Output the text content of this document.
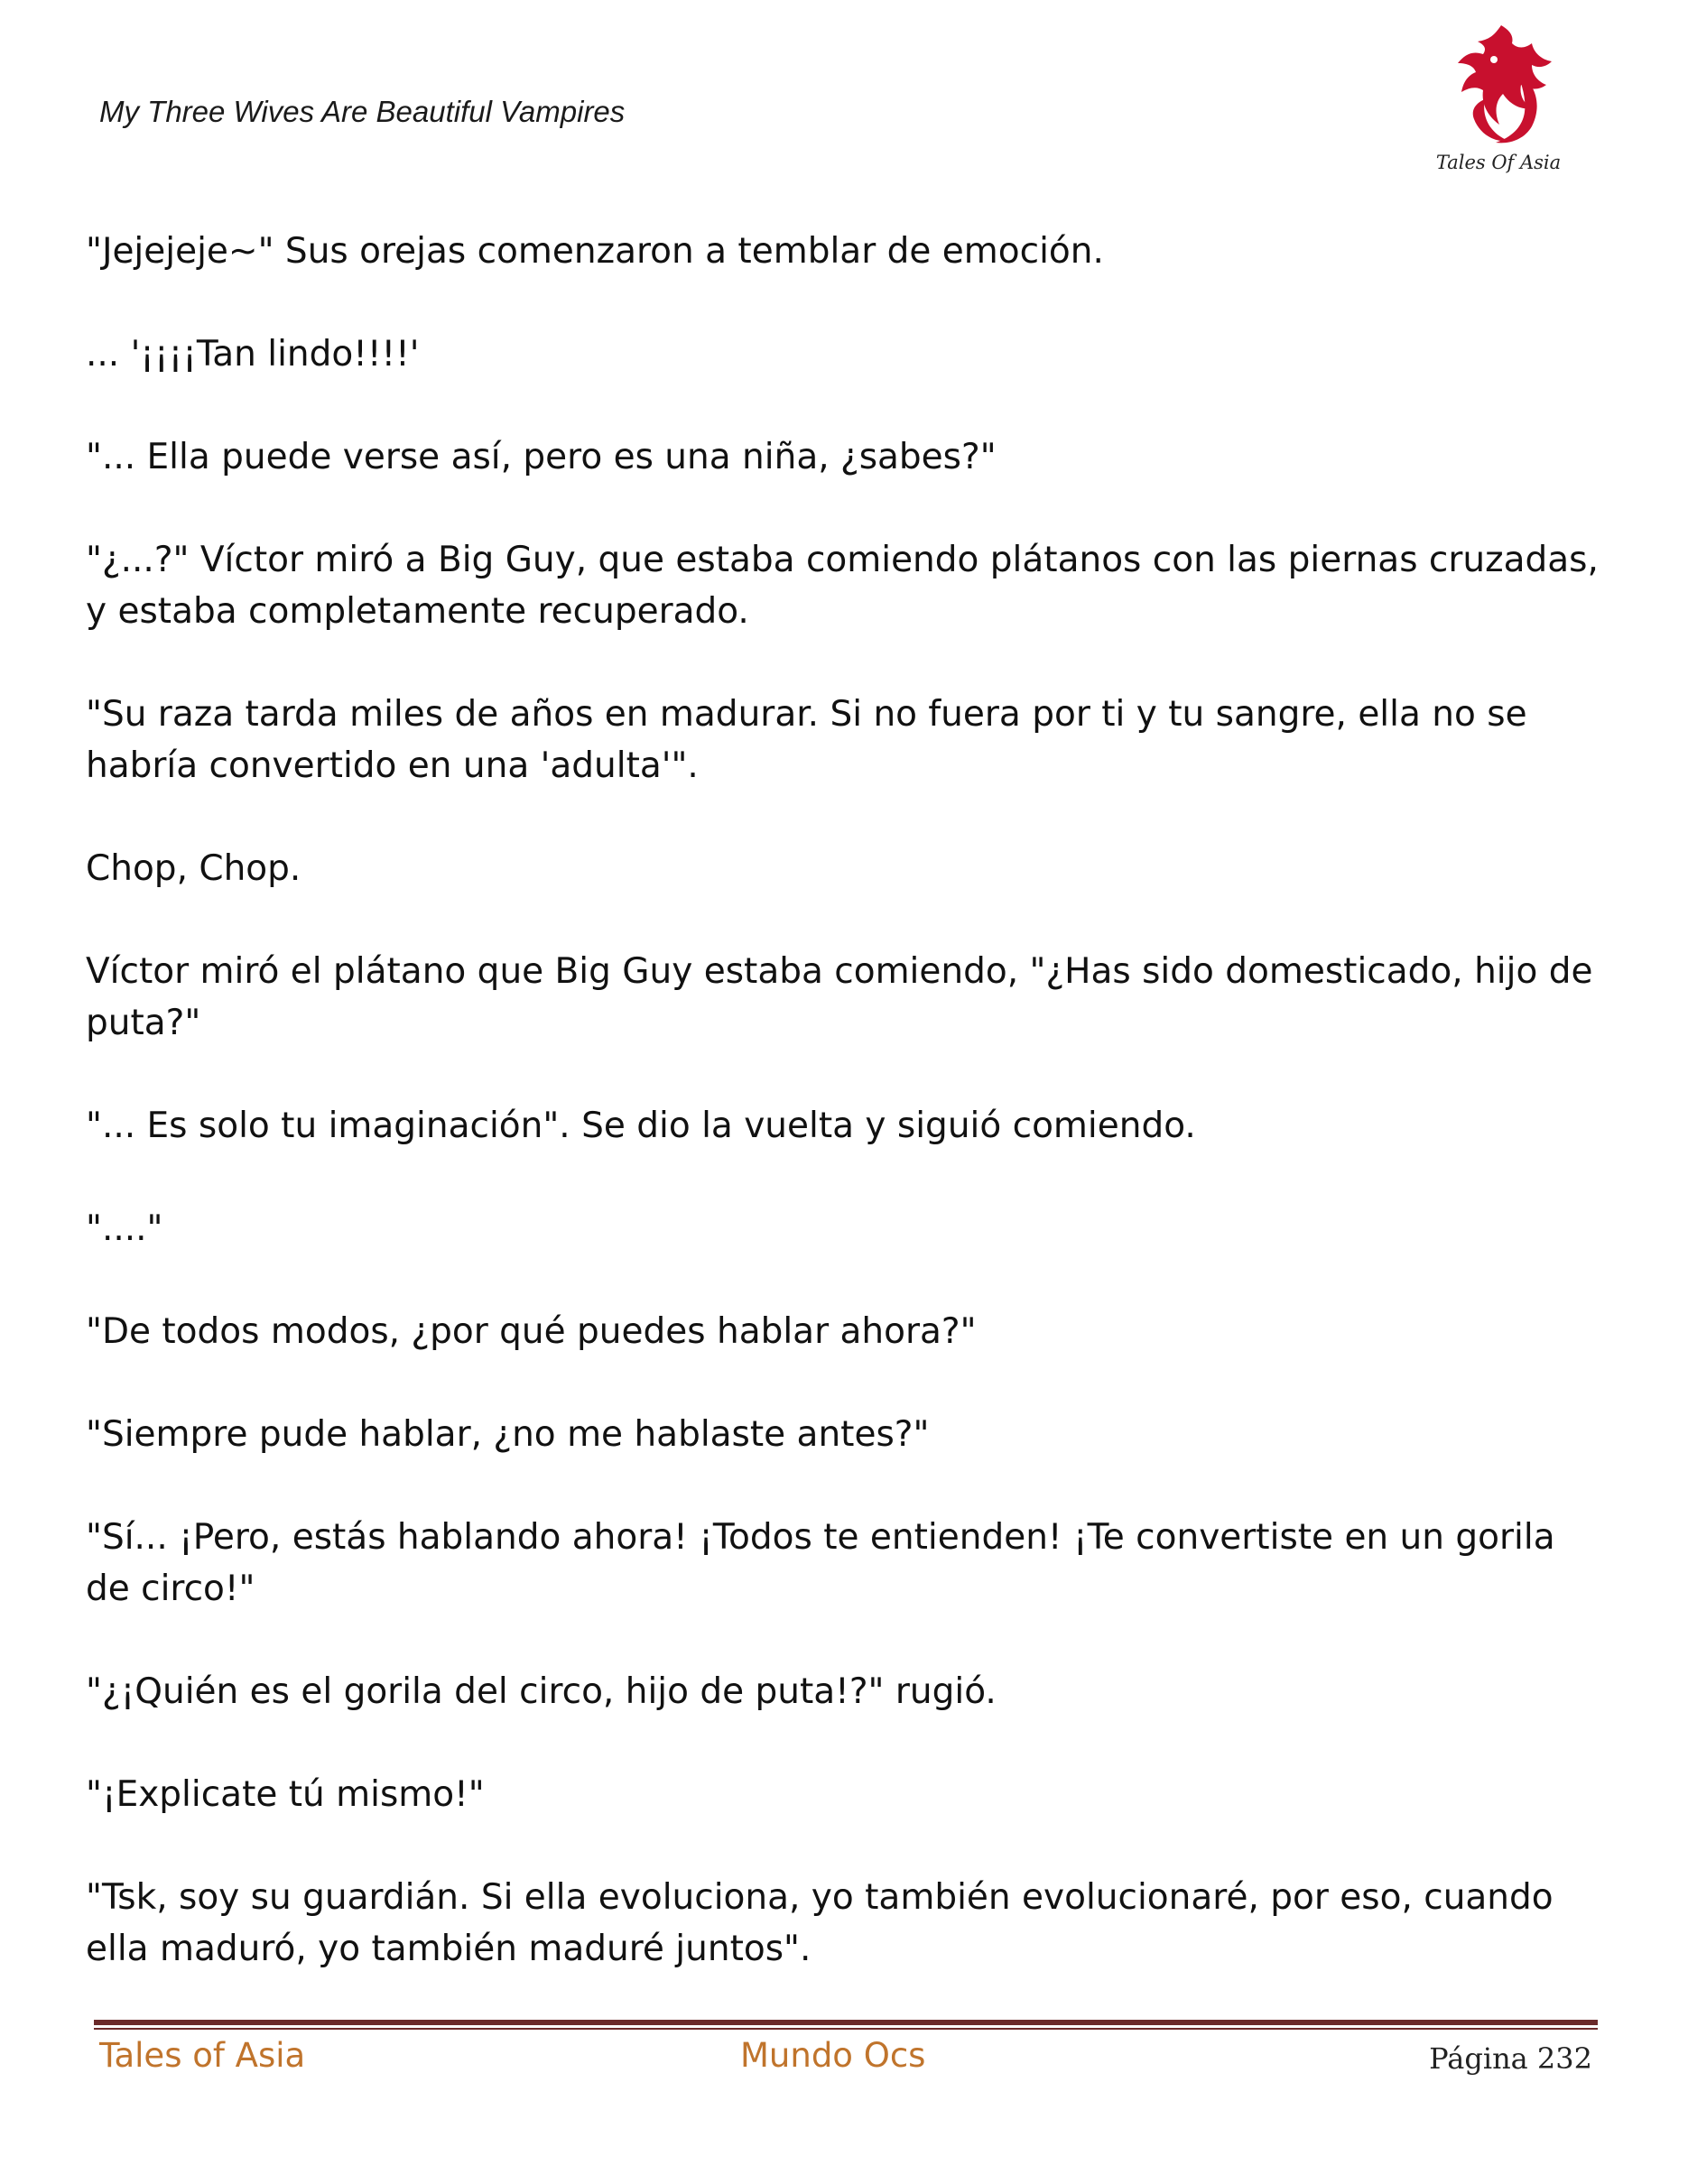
My Three Wives Are Beautiful Vampires
Tales Of Asia

"Jejejeje~" Sus orejas comenzaron a temblar de emoción.

... '¡¡¡¡Tan lindo!!!!'

"... Ella puede verse así, pero es una niña, ¿sabes?"

"¿...?" Víctor miró a Big Guy, que estaba comiendo plátanos con las piernas cruzadas, y estaba completamente recuperado.

"Su raza tarda miles de años en madurar. Si no fuera por ti y tu sangre, ella no se habría convertido en una 'adulta'".

Chop, Chop.

Víctor miró el plátano que Big Guy estaba comiendo, "¿Has sido domesticado, hijo de puta?"

"... Es solo tu imaginación". Se dio la vuelta y siguió comiendo.

"...."

"De todos modos, ¿por qué puedes hablar ahora?"

"Siempre pude hablar, ¿no me hablaste antes?"

"Sí... ¡Pero, estás hablando ahora! ¡Todos te entienden! ¡Te convertiste en un gorila de circo!"

"¿¡Quién es el gorila del circo, hijo de puta!?" rugió.

"¡Explicate tú mismo!"

"Tsk, soy su guardián. Si ella evoluciona, yo también evolucionaré, por eso, cuando ella maduró, yo también maduré juntos".

Tales of Asia	Mundo Ocs	Página 232
